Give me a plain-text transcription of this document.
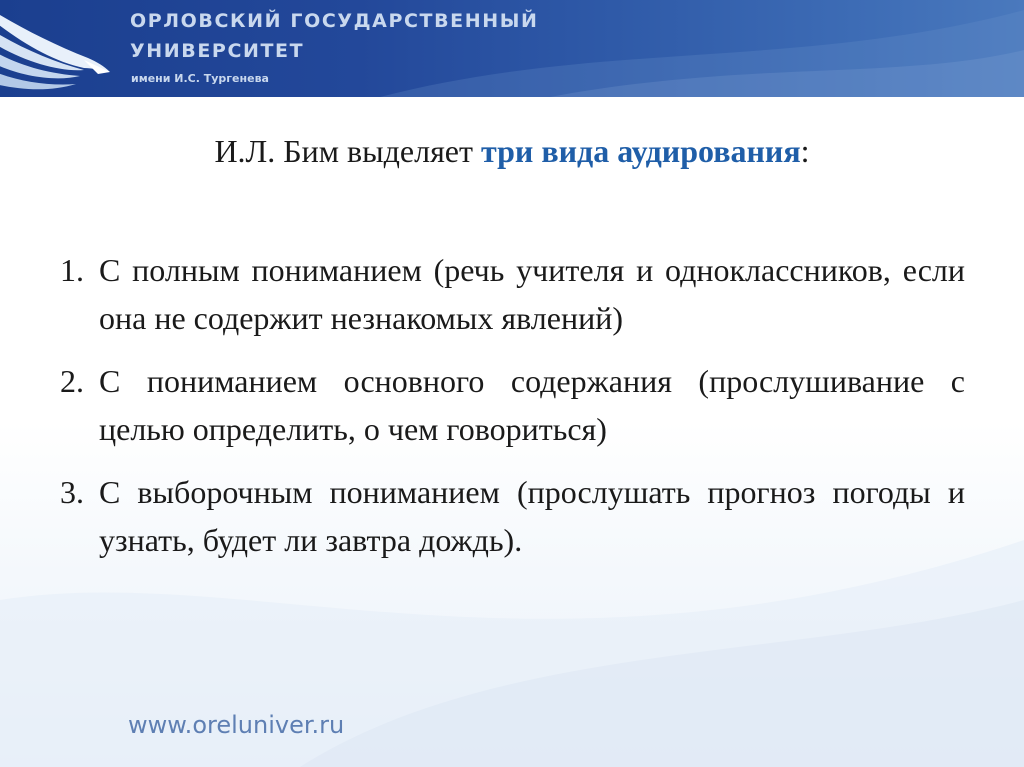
ОРЛОВСКИЙ ГОСУДАРСТВЕННЫЙ
УНИВЕРСИТЕТ
имени И.С. Тургенева
И.Л. Бим выделяет три вида аудирования:
1. С полным пониманием (речь учителя и одноклассников, если она не содержит незнакомых явлений)
2. С пониманием основного содержания (прослушивание с целью определить, о чем говориться)
3. С выборочным пониманием (прослушать прогноз погоды и узнать, будет ли завтра дождь).
www.oreluniver.ru
